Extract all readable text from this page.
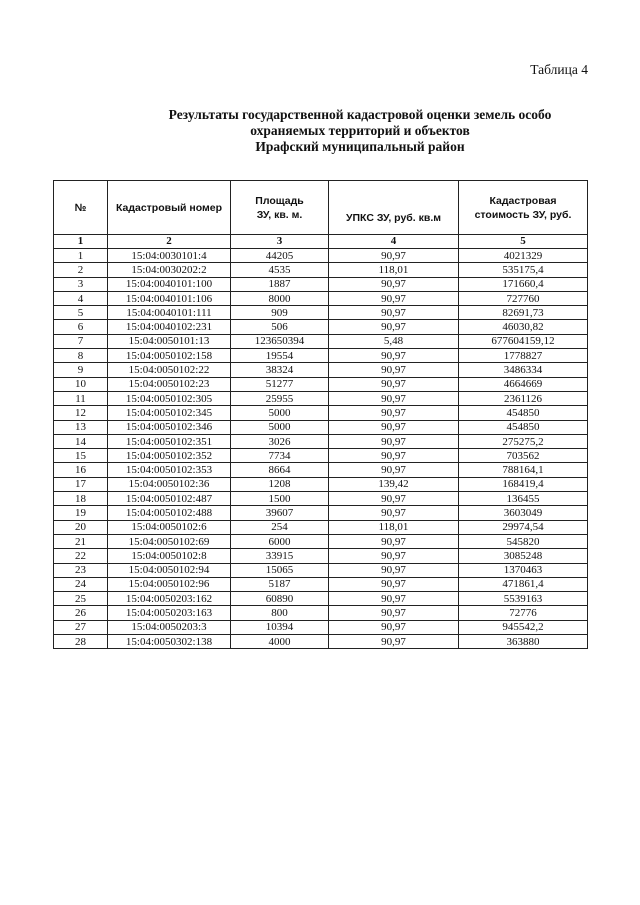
Таблица 4
Результаты государственной кадастровой оценки земель особо
охраняемых территорий и объектов
Ирафский муниципальный район
№	Кадастровый номер	Площадь ЗУ, кв. м.	УПКС ЗУ, руб. кв.м	Кадастровая стоимость ЗУ, руб.
1	2	3	4	5
1	15:04:0030101:4	44205	90,97	4021329
2	15:04:0030202:2	4535	118,01	535175,4
3	15:04:0040101:100	1887	90,97	171660,4
4	15:04:0040101:106	8000	90,97	727760
5	15:04:0040101:111	909	90,97	82691,73
6	15:04:0040102:231	506	90,97	46030,82
7	15:04:0050101:13	123650394	5,48	677604159,12
8	15:04:0050102:158	19554	90,97	1778827
9	15:04:0050102:22	38324	90,97	3486334
10	15:04:0050102:23	51277	90,97	4664669
11	15:04:0050102:305	25955	90,97	2361126
12	15:04:0050102:345	5000	90,97	454850
13	15:04:0050102:346	5000	90,97	454850
14	15:04:0050102:351	3026	90,97	275275,2
15	15:04:0050102:352	7734	90,97	703562
16	15:04:0050102:353	8664	90,97	788164,1
17	15:04:0050102:36	1208	139,42	168419,4
18	15:04:0050102:487	1500	90,97	136455
19	15:04:0050102:488	39607	90,97	3603049
20	15:04:0050102:6	254	118,01	29974,54
21	15:04:0050102:69	6000	90,97	545820
22	15:04:0050102:8	33915	90,97	3085248
23	15:04:0050102:94	15065	90,97	1370463
24	15:04:0050102:96	5187	90,97	471861,4
25	15:04:0050203:162	60890	90,97	5539163
26	15:04:0050203:163	800	90,97	72776
27	15:04:0050203:3	10394	90,97	945542,2
28	15:04:0050302:138	4000	90,97	363880
